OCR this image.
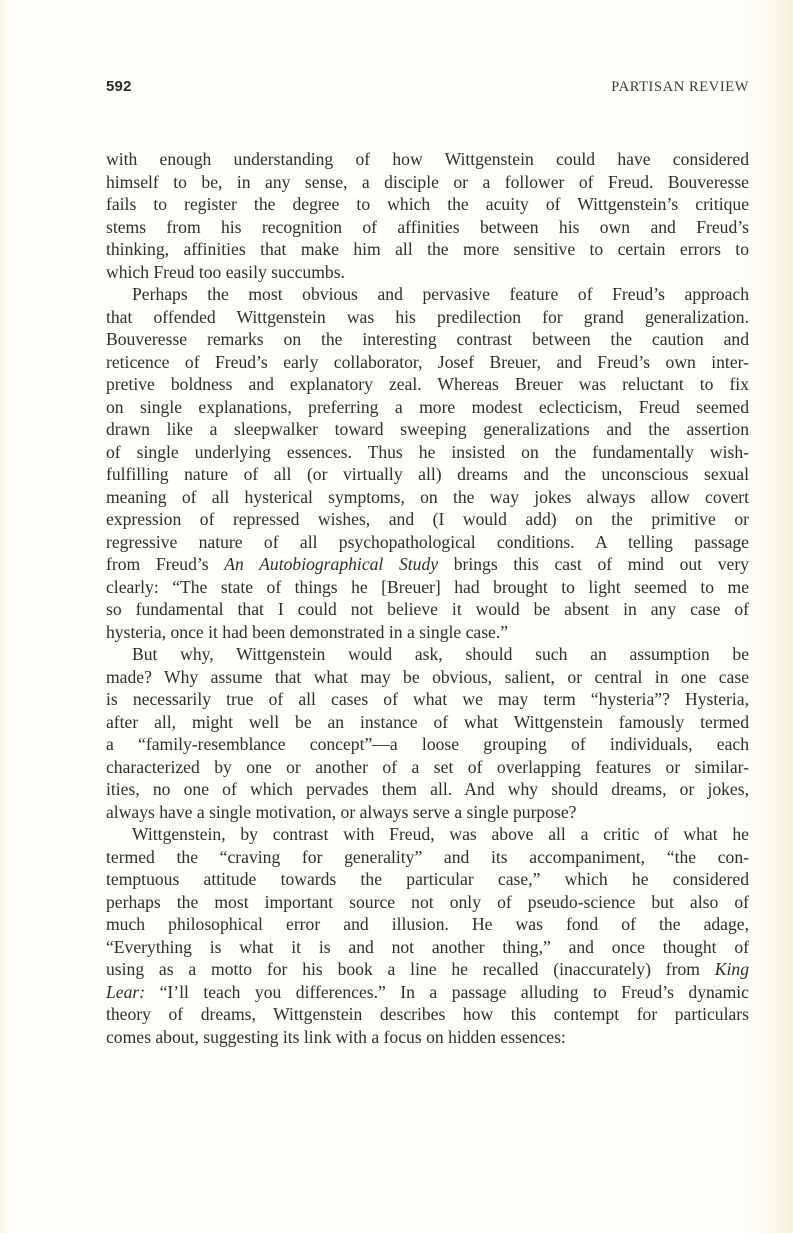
592	PARTISAN REVIEW
with enough understanding of how Wittgenstein could have considered
himself to be, in any sense, a disciple or a follower of Freud. Bouveresse
fails to register the degree to which the acuity of Wittgenstein’s critique
stems from his recognition of affinities between his own and Freud’s
thinking, affinities that make him all the more sensitive to certain errors to
which Freud too easily succumbs.
Perhaps the most obvious and pervasive feature of Freud’s approach
that offended Wittgenstein was his predilection for grand generalization.
Bouveresse remarks on the interesting contrast between the caution and
reticence of Freud’s early collaborator, Josef Breuer, and Freud’s own inter-
pretive boldness and explanatory zeal. Whereas Breuer was reluctant to fix
on single explanations, preferring a more modest eclecticism, Freud seemed
drawn like a sleepwalker toward sweeping generalizations and the assertion
of single underlying essences. Thus he insisted on the fundamentally wish-
fulfilling nature of all (or virtually all) dreams and the unconscious sexual
meaning of all hysterical symptoms, on the way jokes always allow covert
expression of repressed wishes, and (I would add) on the primitive or
regressive nature of all psychopathological conditions. A telling passage
from Freud’s An Autobiographical Study brings this cast of mind out very
clearly: “The state of things he [Breuer] had brought to light seemed to me
so fundamental that I could not believe it would be absent in any case of
hysteria, once it had been demonstrated in a single case.”
But why, Wittgenstein would ask, should such an assumption be
made? Why assume that what may be obvious, salient, or central in one case
is necessarily true of all cases of what we may term “hysteria”? Hysteria,
after all, might well be an instance of what Wittgenstein famously termed
a “family-resemblance concept”—a loose grouping of individuals, each
characterized by one or another of a set of overlapping features or similar-
ities, no one of which pervades them all. And why should dreams, or jokes,
always have a single motivation, or always serve a single purpose?
Wittgenstein, by contrast with Freud, was above all a critic of what he
termed the “craving for generality” and its accompaniment, “the con-
temptuous attitude towards the particular case,” which he considered
perhaps the most important source not only of pseudo-science but also of
much philosophical error and illusion. He was fond of the adage,
“Everything is what it is and not another thing,” and once thought of
using as a motto for his book a line he recalled (inaccurately) from King
Lear: “I’ll teach you differences.” In a passage alluding to Freud’s dynamic
theory of dreams, Wittgenstein describes how this contempt for particulars
comes about, suggesting its link with a focus on hidden essences:
